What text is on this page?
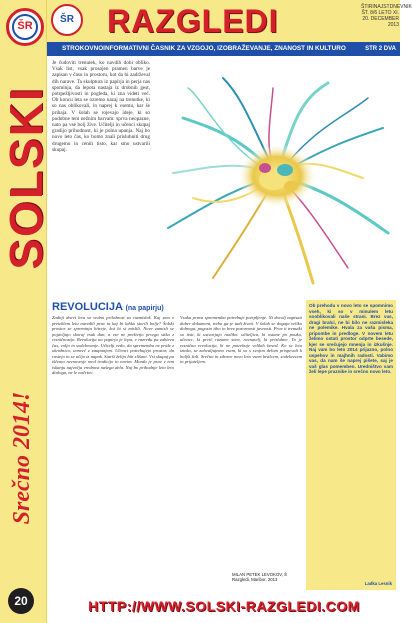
ŠR
SOLSKI
Srečno 2014!
20
ŠR RAZGLEDI	ŠTIRINAJSTDNEVNIK
ŠT. 8/6 LETO XI.
20. DECEMBER 2013
STROKOVNOINFORMATIVNI ČASNIK ZA VZGOJO, IZOBRAŽEVANJE, ZNANOST IN KULTURO	STR 2 DVA
Je čudoviti trenutek, ko navdih dobi obliko. Vsak list, vsak prosojen pramen barve je zapisan v času in prostoru, kot da bi zadrževal dih narave. Ta skulptura iz papirja in perja nas spominja, da lepota nastaja iz drobnih gest, potrpežljivosti in pogleda, ki zna videti več. Ob koncu leta se ozremo nazaj na trenutke, ki so nas oblikovali, in naprej k vsemu, kar še prihaja. V šolah se rojevajo ideje, ki so podobne tem nežnim barvam: sprva neopazne, nato pa vse bolj žive. Učitelji in učenci skupaj gradijo prihodnost, ki je polna upanja. Naj bo novo leto čas, ko bomo znali prisluhniti drug drugemu in ceniti tisto, kar smo ustvarili skupaj.
REVOLUCIJA (na papirju)
Zadnji dnevi leta so vedno priložnost za razmislek. Kaj smo v preteklem letu naredili prav in kaj bi lahko storili bolje? Šolski prostor se spreminja hitreje, kot bi si mislili. Nove zamisli se pojavljajo skoraj vsak dan, a vse ne preživijo prvega stika z resničnostjo. Revolucija na papirju je lepa, v razredu pa zahteva čas, voljo in sodelovanje. Učitelji vedo, da sprememba ne pride z okrožnico, temveč z zaupanjem. Učenci potrebujejo prostor, da rastejo in se učijo iz napak. Starši želijo biti slišani. Vsi skupaj pa iščemo ravnovesje med tradicijo in novim. Morda je prav v tem iskanju največja vrednost našega dela. Naj bo prihodnje leto leto dialoga, ne le načrtov.
Vsaka prava sprememba potrebuje potrpljenje. Ni dovolj napisati dober dokument, treba ga je tudi živeti. V šolah se dogaja veliko dobrega, pogosto tiho in brez pozornosti javnosti. Prav ti trenutki so tisti, ki ustvarjajo razliko: učiteljica, ki ostane po pouku, učenec, ki prvič razume snov, ravnatelj, ki prisluhne. To je resnična revolucija, ki ne potrebuje velikih besed. Ko se leto izteka, se zahvaljujemo vsem, ki so s svojim delom prispevali k boljši šoli. Srečno in zdravo novo leto vsem bralcem, sodelavcem in prijateljem.
MILAN PETEK LEVOKOV, Š Razgledi, Maribor, 2013
Ob prehodu v novo leto se spomnimo vseh, ki so v minulem letu sooblikovali naše strani. Brez vas, dragi bralci, ne bi bilo ne razmisleka ne polemike. Hvala za vaša pisma, pripombe in predloge. V novem letu želimo ostati prostor odprte besede, kjer se srečujejo mnenja in izkušnje. Naj vam bo leto 2014 prijazno, polno uspehov in majhnih radosti. Vabimo vas, da nam še naprej pišete, saj je vaš glas pomemben. Uredništvo vam želi lepe praznike in srečno novo leto.
Ladka Lesnik
HTTP://WWW.SOLSKI-RAZGLEDI.COM
